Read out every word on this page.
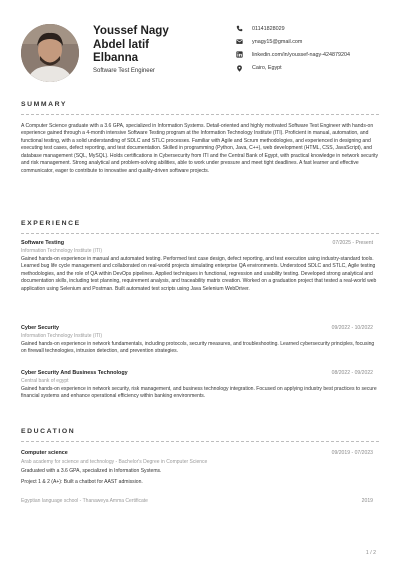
Youssef Nagy
Abdel latif
Elbanna
Software Test Engineer
01141828029
ynagy15@gmail.com
linkedin.com/in/youssef-nagy-424879204
Cairo, Egypt
SUMMARY
A Computer Science graduate with a 3.6 GPA, specialized in Information Systems. Detail-oriented and highly motivated Software Test Engineer with hands-on experience gained through a 4-month intensive Software Testing program at the Information Technology Institute (ITI). Proficient in manual, automation, and functional testing, with a solid understanding of SDLC and STLC processes. Familiar with Agile and Scrum methodologies, and experienced in designing and executing test cases, defect reporting, and test documentation. Skilled in programming (Python, Java, C++), web development (HTML, CSS, JavaScript), and database management (SQL, MySQL). Holds certifications in Cybersecurity from ITI and the Central Bank of Egypt, with practical knowledge in network security and risk management. Strong analytical and problem-solving abilities, able to work under pressure and meet tight deadlines. A fast learner and effective communicator, eager to contribute to innovative and quality-driven software projects.
EXPERIENCE
Software Testing	07/2025 - Present
Information Technology Institute (ITI)
Gained hands-on experience in manual and automated testing. Performed test case design, defect reporting, and test execution using industry-standard tools. Learned bug life cycle management and collaborated on real-world projects simulating enterprise QA environments. Understood SDLC and STLC, Agile testing methodologies, and the role of QA within DevOps pipelines. Applied techniques in functional, regression and usability testing. Developed strong analytical and documentation skills, including test planning, requirement analysis, and traceability matrix creation. Worked on a graduation project that tested a real-world web application using Selenium and Postman. Built automated test scripts using Java Selenium WebDriver.
Cyber Security	09/2022 - 10/2022
Information Technology Institute (ITI)
Gained hands-on experience in network fundamentals, including protocols, security measures, and troubleshooting. Learned cybersecurity principles, focusing on firewall technologies, intrusion detection, and prevention strategies.
Cyber Security And Business Technology	08/2022 - 09/2022
Central bank of egypt
Gained hands-on experience in network security, risk management, and business technology integration. Focused on applying industry best practices to secure financial systems and enhance operational efficiency within banking environments.
EDUCATION
Computer science	09/2019 - 07/2023
Arab academy for science and technology - Bachelor's Degree in Computer Science
Graduated with a 3.6 GPA, specialized in Information Systems.
Project 1 & 2 (A+): Built a chatbot for AAST admission.
Egyptian language school - Thanaweya Amma Certificate	2019
1 / 2
